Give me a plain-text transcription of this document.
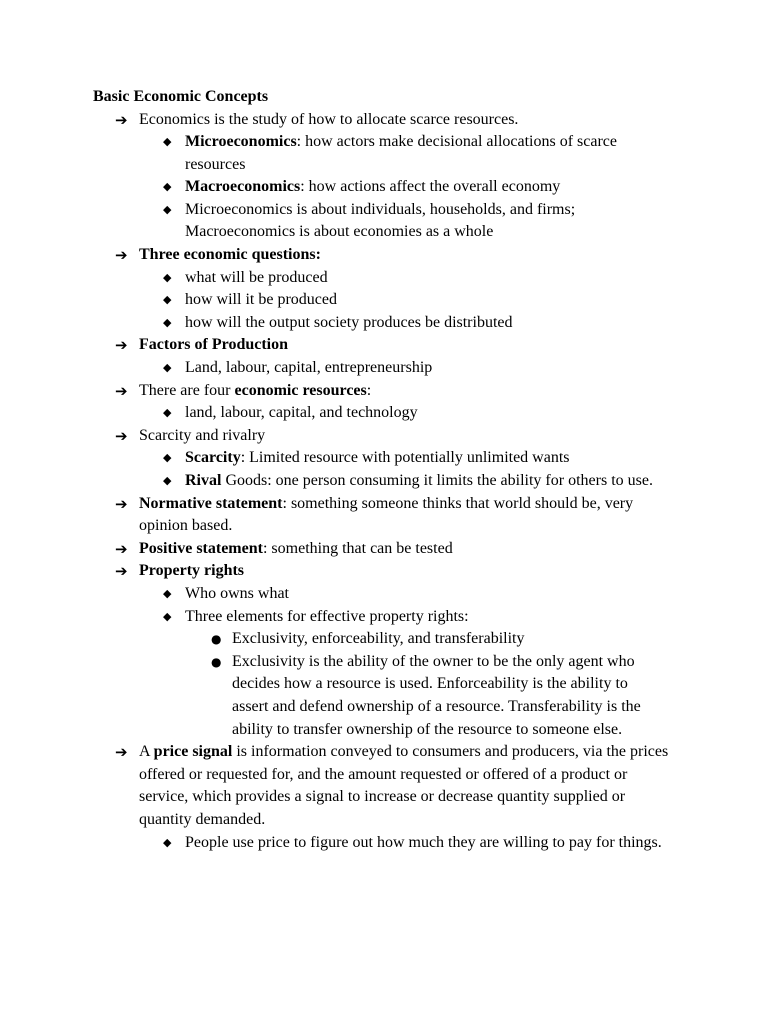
Basic Economic Concepts
➔ Economics is the study of how to allocate scarce resources.
◆ Microeconomics: how actors make decisional allocations of scarce resources
◆ Macroeconomics: how actions affect the overall economy
◆ Microeconomics is about individuals, households, and firms; Macroeconomics is about economies as a whole
➔ Three economic questions:
◆ what will be produced
◆ how will it be produced
◆ how will the output society produces be distributed
➔ Factors of Production
◆ Land, labour, capital, entrepreneurship
➔ There are four economic resources:
◆ land, labour, capital, and technology
➔ Scarcity and rivalry
◆ Scarcity: Limited resource with potentially unlimited wants
◆ Rival Goods: one person consuming it limits the ability for others to use.
➔ Normative statement: something someone thinks that world should be, very opinion based.
➔ Positive statement: something that can be tested
➔ Property rights
◆ Who owns what
◆ Three elements for effective property rights:
● Exclusivity, enforceability, and transferability
● Exclusivity is the ability of the owner to be the only agent who decides how a resource is used. Enforceability is the ability to assert and defend ownership of a resource. Transferability is the ability to transfer ownership of the resource to someone else.
➔ A price signal is information conveyed to consumers and producers, via the prices offered or requested for, and the amount requested or offered of a product or service, which provides a signal to increase or decrease quantity supplied or quantity demanded.
◆ People use price to figure out how much they are willing to pay for things.
